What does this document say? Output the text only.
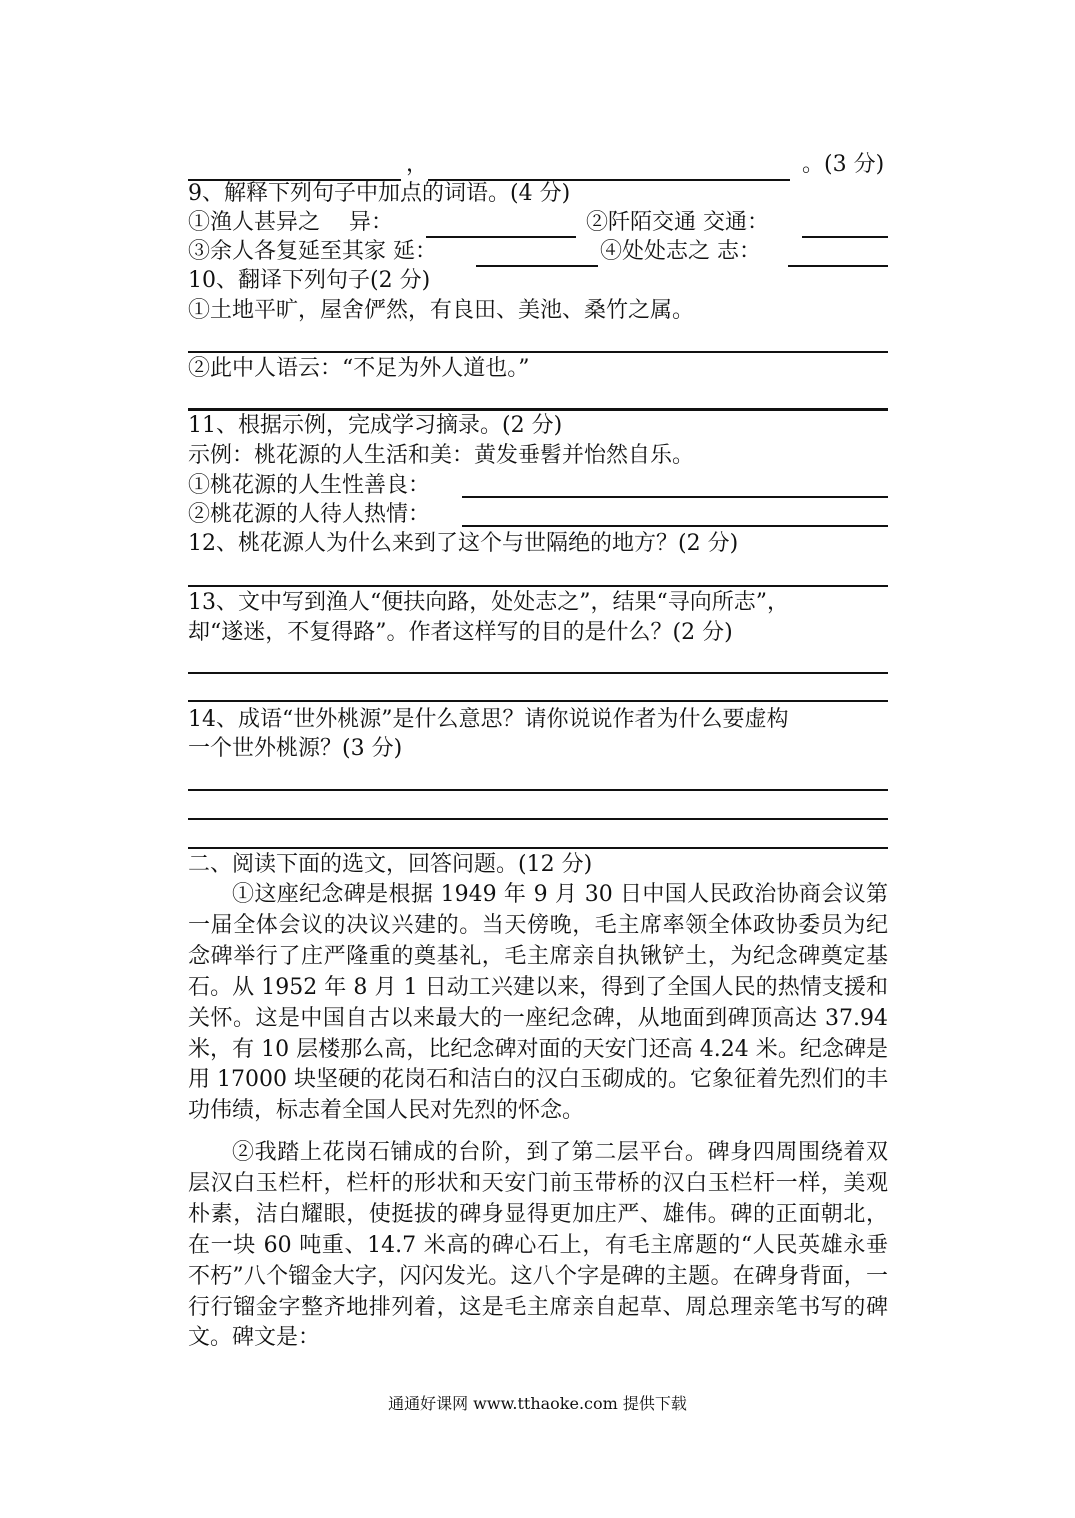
，	。(3 分)
9、解释下列句子中加点的词语。(4 分)
①渔人甚异之　 异：	②阡陌交通 交通：
③余人各复延至其家 延：	④处处志之 志：
10、翻译下列句子(2 分)
①土地平旷，屋舍俨然，有良田、美池、桑竹之属。
②此中人语云：“不足为外人道也。”
11、根据示例，完成学习摘录。(2 分)
示例：桃花源的人生活和美：黄发垂髫并怡然自乐。
①桃花源的人生性善良：
②桃花源的人待人热情：
12、桃花源人为什么来到了这个与世隔绝的地方？(2 分)
13、文中写到渔人“便扶向路，处处志之”，结果“寻向所志”，
却“遂迷，不复得路”。作者这样写的目的是什么？(2 分)
14、成语“世外桃源”是什么意思？请你说说作者为什么要虚构
一个世外桃源？(3 分)
二、阅读下面的选文，回答问题。(12 分)
①这座纪念碑是根据 1949 年 9 月 30 日中国人民政治协商会议第一届全体会议的决议兴建的。当天傍晚，毛主席率领全体政协委员为纪念碑举行了庄严隆重的奠基礼，毛主席亲自执锹铲土，为纪念碑奠定基石。从 1952 年 8 月 1 日动工兴建以来，得到了全国人民的热情支援和关怀。这是中国自古以来最大的一座纪念碑，从地面到碑顶高达 37.94 米，有 10 层楼那么高，比纪念碑对面的天安门还高 4.24 米。纪念碑是用 17000 块坚硬的花岗石和洁白的汉白玉砌成的。它象征着先烈们的丰功伟绩，标志着全国人民对先烈的怀念。
②我踏上花岗石铺成的台阶，到了第二层平台。碑身四周围绕着双层汉白玉栏杆，栏杆的形状和天安门前玉带桥的汉白玉栏杆一样，美观朴素，洁白耀眼，使挺拔的碑身显得更加庄严、雄伟。碑的正面朝北，在一块 60 吨重、14.7 米高的碑心石上，有毛主席题的“人民英雄永垂不朽”八个镏金大字，闪闪发光。这八个字是碑的主题。在碑身背面，一行行镏金字整齐地排列着，这是毛主席亲自起草、周总理亲笔书写的碑文。碑文是：
通通好课网 www.tthaoke.com 提供下载
